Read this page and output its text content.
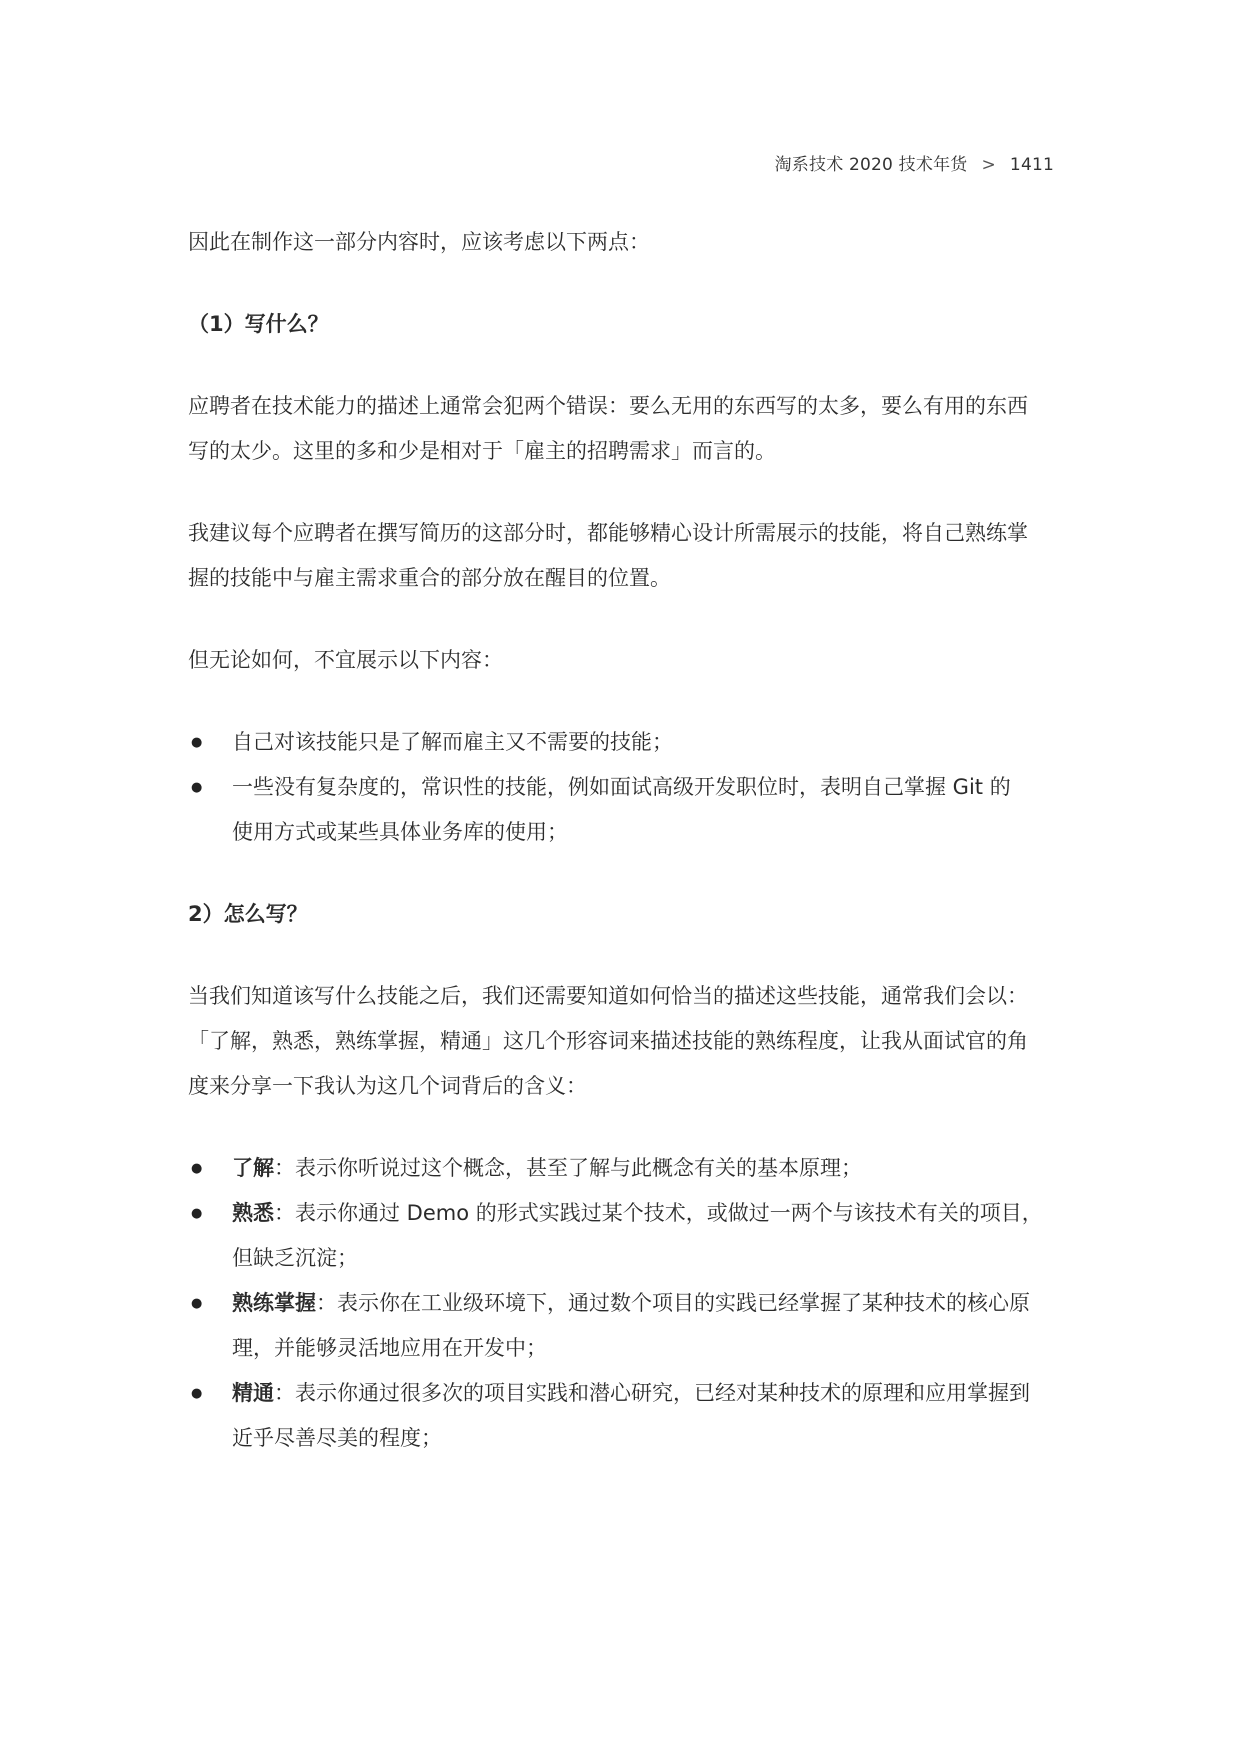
淘系技术 2020 技术年货 > 1411

因此在制作这一部分内容时，应该考虑以下两点：

（1）写什么？

应聘者在技术能力的描述上通常会犯两个错误：要么无用的东西写的太多，要么有用的东西

写的太少。这里的多和少是相对于「雇主的招聘需求」而言的。

我建议每个应聘者在撰写简历的这部分时，都能够精心设计所需展示的技能，将自己熟练掌

握的技能中与雇主需求重合的部分放在醒目的位置。

但无论如何，不宜展示以下内容：

● 自己对该技能只是了解而雇主又不需要的技能；
● 一些没有复杂度的，常识性的技能，例如面试高级开发职位时，表明自己掌握 Git 的
使用方式或某些具体业务库的使用；

2）怎么写？

当我们知道该写什么技能之后，我们还需要知道如何恰当的描述这些技能，通常我们会以：

「了解，熟悉，熟练掌握，精通」这几个形容词来描述技能的熟练程度，让我从面试官的角

度来分享一下我认为这几个词背后的含义：

● 了解：表示你听说过这个概念，甚至了解与此概念有关的基本原理；
● 熟悉：表示你通过 Demo 的形式实践过某个技术，或做过一两个与该技术有关的项目，
但缺乏沉淀；
● 熟练掌握：表示你在工业级环境下，通过数个项目的实践已经掌握了某种技术的核心原
理，并能够灵活地应用在开发中；
● 精通：表示你通过很多次的项目实践和潜心研究，已经对某种技术的原理和应用掌握到
近乎尽善尽美的程度；
